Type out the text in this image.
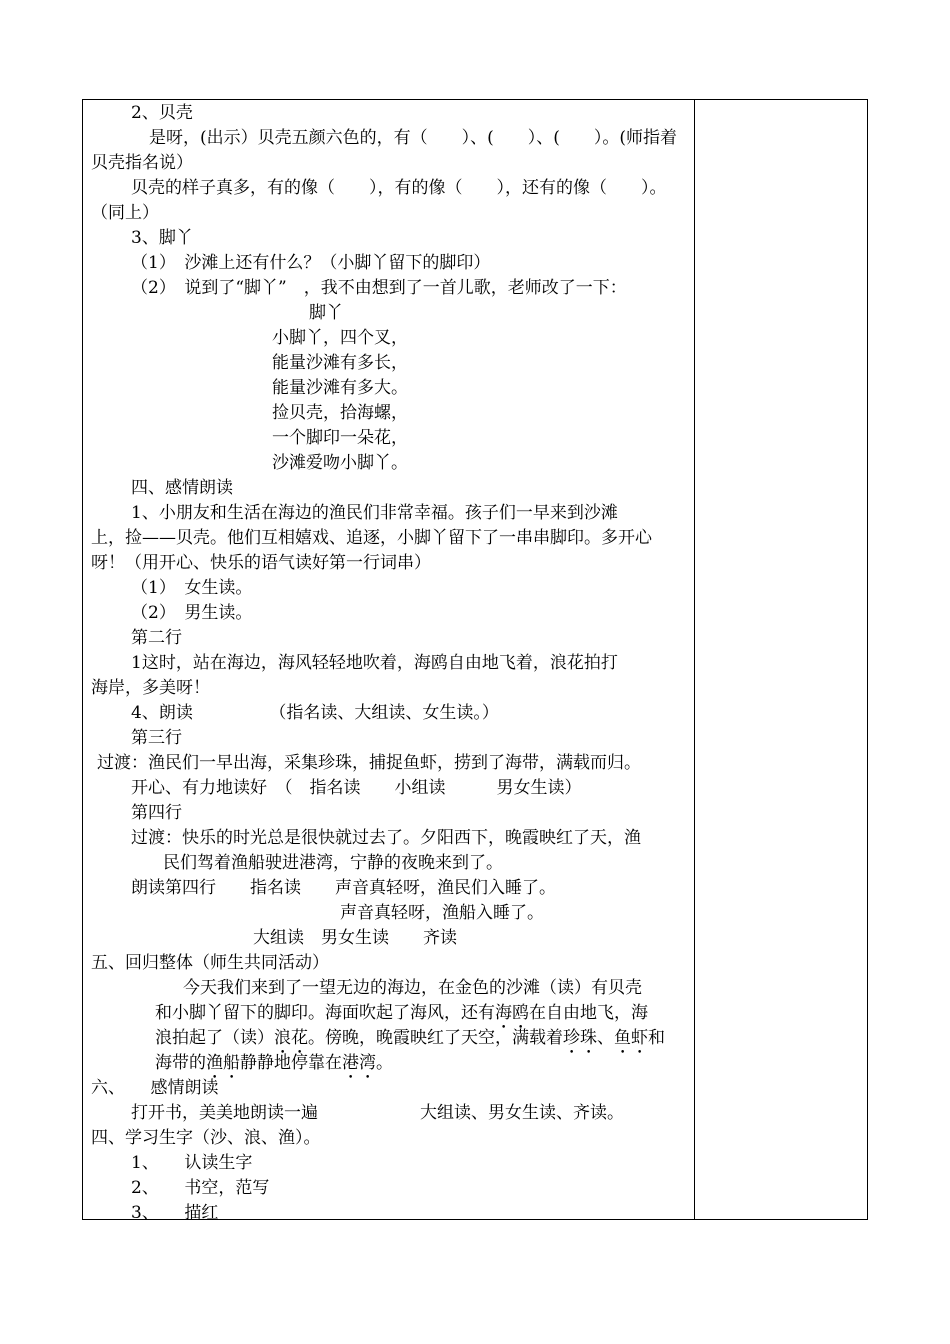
2、贝壳
是呀，(出示）贝壳五颜六色的，有（　　）、(　　）、(　　）。(师指着
贝壳指名说）
贝壳的样子真多，有的像（　　），有的像（　　），还有的像（　　）。
（同上）
3、脚丫
（1）　沙滩上还有什么？（小脚丫留下的脚印）
（2）　说到了“脚丫”　，我不由想到了一首儿歌，老师改了一下：
脚丫
小脚丫，四个叉，
能量沙滩有多长，
能量沙滩有多大。
捡贝壳，拾海螺，
一个脚印一朵花，
沙滩爱吻小脚丫。
四、感情朗读
1、小朋友和生活在海边的渔民们非常幸福。孩子们一早来到沙滩
上，捡——贝壳。他们互相嬉戏、追逐，小脚丫留下了一串串脚印。多开心
呀！（用开心、快乐的语气读好第一行词串）
（1）　女生读。
（2）　男生读。
第二行
1这时，站在海边，海风轻轻地吹着，海鸥自由地飞着，浪花拍打
海岸，多美呀！
4、朗读　　　　　（指名读、大组读、女生读。）
第三行
过渡：渔民们一早出海，采集珍珠，捕捉鱼虾，捞到了海带，满载而归。
开心、有力地读好　（　指名读　　小组读　　　男女生读）
第四行
过渡：快乐的时光总是很快就过去了。夕阳西下，晚霞映红了天，渔
民们驾着渔船驶进港湾，宁静的夜晚来到了。
朗读第四行　　指名读　　声音真轻呀，渔民们入睡了。
声音真轻呀，渔船入睡了。
大组读　男女生读　　齐读
五、回归整体（师生共同活动）
今天我们来到了一望无边的海边，在金色的沙滩（读）有贝壳
和小脚丫留下的脚印。海面吹起了海风，还有海鸥在自由地飞，海
浪拍起了（读）浪花。傍晚，晚霞映红了天空，满载着珍珠、鱼虾和
海带的渔船静静地停靠在港湾。
六、　　感情朗读
打开书，美美地朗读一遍　　　　　　大组读、男女生读、齐读。
四、学习生字（沙、浪、渔）。
1、　　认读生字
2、　　书空，范写
3、　　描红
